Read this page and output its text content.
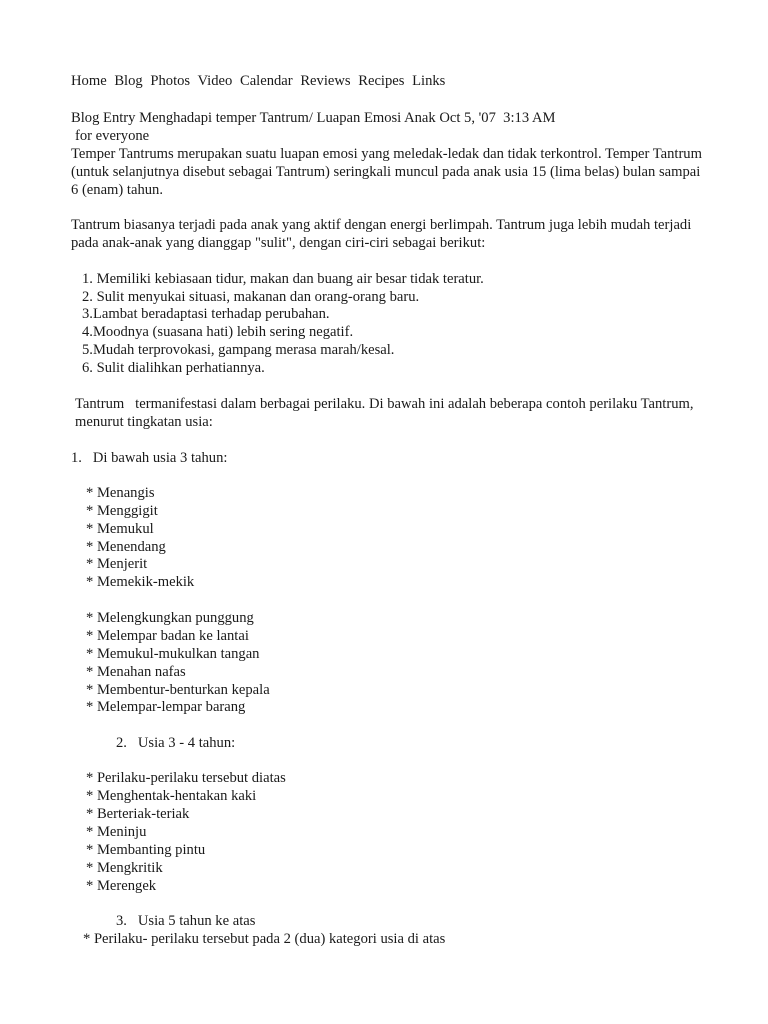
Home Blog Photos Video Calendar Reviews Recipes Links
Blog Entry Menghadapi temper Tantrum/ Luapan Emosi Anak Oct 5, '07  3:13 AM
for everyone
Temper Tantrums merupakan suatu luapan emosi yang meledak-ledak dan tidak terkontrol. Temper Tantrum (untuk selanjutnya disebut sebagai Tantrum) seringkali muncul pada anak usia 15 (lima belas) bulan sampai 6 (enam) tahun.
Tantrum biasanya terjadi pada anak yang aktif dengan energi berlimpah. Tantrum juga lebih mudah terjadi pada anak-anak yang dianggap "sulit", dengan ciri-ciri sebagai berikut:
1. Memiliki kebiasaan tidur, makan dan buang air besar tidak teratur.
2. Sulit menyukai situasi, makanan dan orang-orang baru.
3.Lambat beradaptasi terhadap perubahan.
4.Moodnya (suasana hati) lebih sering negatif.
5.Mudah terprovokasi, gampang merasa marah/kesal.
6. Sulit dialihkan perhatiannya.
Tantrum   termanifestasi dalam berbagai perilaku. Di bawah ini adalah beberapa contoh perilaku Tantrum, menurut tingkatan usia:
1.   Di bawah usia 3 tahun:
* Menangis
* Menggigit
* Memukul
* Menendang
* Menjerit
* Memekik-mekik
* Melengkungkan punggung
* Melempar badan ke lantai
* Memukul-mukulkan tangan
* Menahan nafas
* Membentur-benturkan kepala
* Melempar-lempar barang
2.   Usia 3 - 4 tahun:
* Perilaku-perilaku tersebut diatas
* Menghentak-hentakan kaki
* Berteriak-teriak
* Meninju
* Membanting pintu
* Mengkritik
* Merengek
3.   Usia 5 tahun ke atas
* Perilaku- perilaku tersebut pada 2 (dua) kategori usia di atas
